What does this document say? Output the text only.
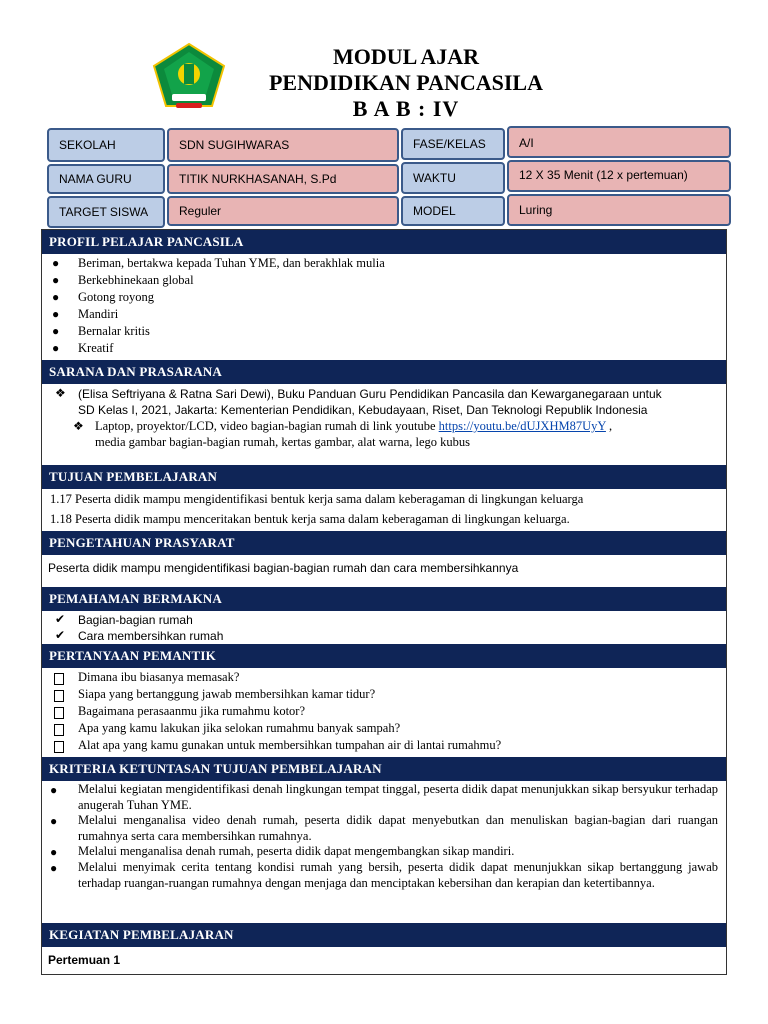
MODUL AJAR
PENDIDIKAN PANCASILA
B A B : IV
SEKOLAH	SDN SUGIHWARAS	FASE/KELAS	A/I
NAMA GURU	TITIK NURKHASANAH, S.Pd	WAKTU	12 X 35 Menit (12 x pertemuan)
TARGET SISWA	Reguler	MODEL	Luring
PROFIL PELAJAR PANCASILA
● Beriman, bertakwa kepada Tuhan YME, dan berakhlak mulia
● Berkebhinekaan global
● Gotong royong
● Mandiri
● Bernalar kritis
● Kreatif
SARANA DAN PRASARANA
❖ (Elisa Seftriyana & Ratna Sari Dewi), Buku Panduan Guru Pendidikan Pancasila dan Kewarganegaraan untuk
SD Kelas I, 2021, Jakarta: Kementerian Pendidikan, Kebudayaan, Riset, Dan Teknologi Republik Indonesia
❖ Laptop, proyektor/LCD, video bagian-bagian rumah di link youtube https://youtu.be/dUJXHM87UyY ,
media gambar bagian-bagian rumah, kertas gambar, alat warna, lego kubus
TUJUAN PEMBELAJARAN
1.17 Peserta didik mampu mengidentifikasi bentuk kerja sama dalam keberagaman di lingkungan keluarga
1.18 Peserta didik mampu menceritakan bentuk kerja sama dalam keberagaman di lingkungan keluarga.
PENGETAHUAN PRASYARAT
Peserta didik mampu mengidentifikasi bagian-bagian rumah dan cara membersihkannya
PEMAHAMAN BERMAKNA
✔ Bagian-bagian rumah
✔ Cara membersihkan rumah
PERTANYAAN PEMANTIK
Dimana ibu biasanya memasak?
Siapa yang bertanggung jawab membersihkan kamar tidur?
Bagaimana perasaanmu jika rumahmu kotor?
Apa yang kamu lakukan jika selokan rumahmu banyak sampah?
Alat apa yang kamu gunakan untuk membersihkan tumpahan air di lantai rumahmu?
KRITERIA KETUNTASAN TUJUAN PEMBELAJARAN
● Melalui kegiatan mengidentifikasi denah lingkungan tempat tinggal, peserta didik dapat menunjukkan sikap bersyukur terhadap anugerah Tuhan YME.
● Melalui menganalisa video denah rumah, peserta didik dapat menyebutkan dan menuliskan bagian-bagian dari ruangan rumahnya serta cara membersihkan rumahnya.
● Melalui menganalisa denah rumah, peserta didik dapat mengembangkan sikap mandiri.
● Melalui menyimak cerita tentang kondisi rumah yang bersih, peserta didik dapat menunjukkan sikap bertanggung jawab terhadap ruangan-ruangan rumahnya dengan menjaga dan menciptakan kebersihan dan kerapian dan ketertibannya.
KEGIATAN PEMBELAJARAN
Pertemuan 1
